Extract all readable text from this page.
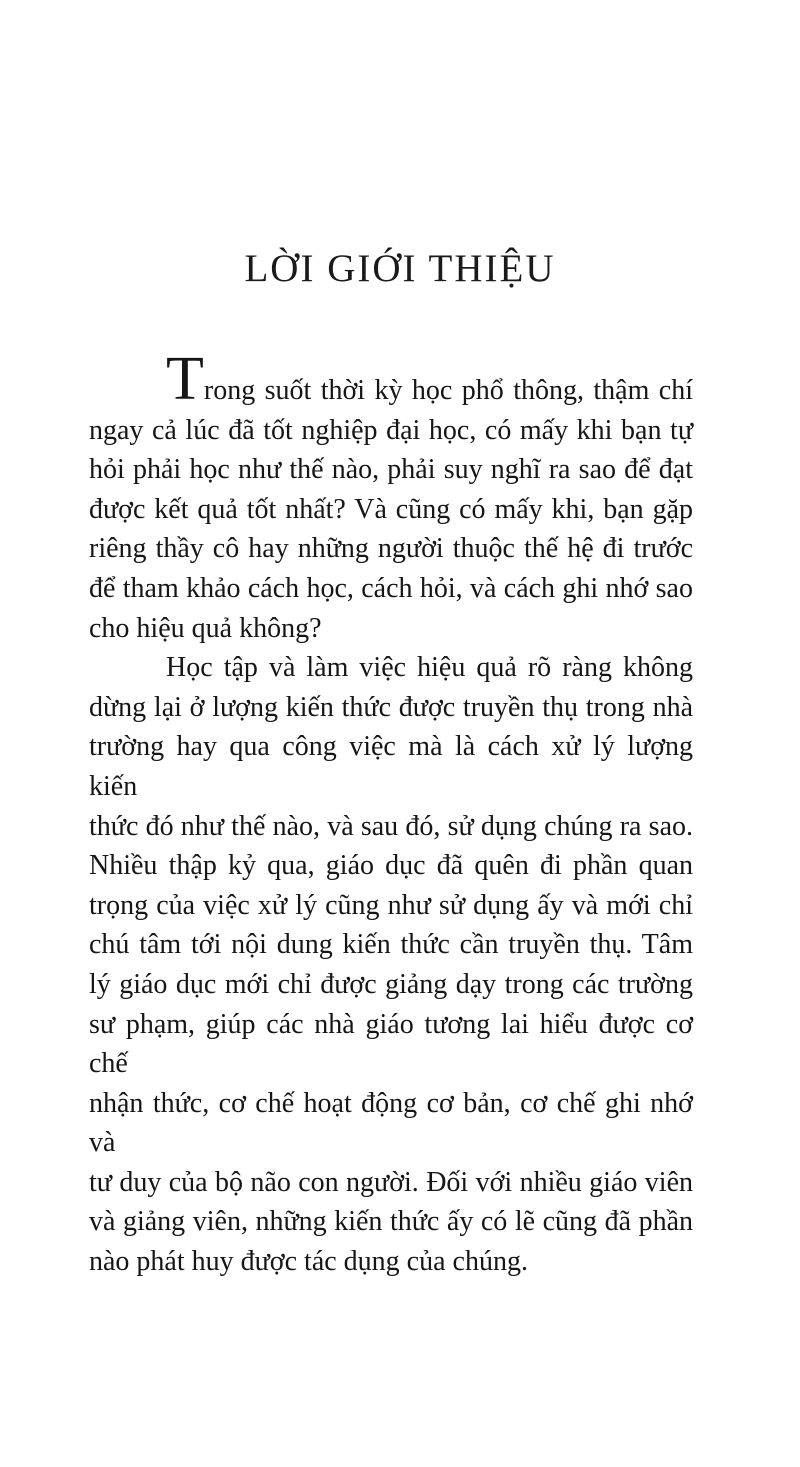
LỜI GIỚI THIỆU
Trong suốt thời kỳ học phổ thông, thậm chí
ngay cả lúc đã tốt nghiệp đại học, có mấy khi bạn tự
hỏi phải học như thế nào, phải suy nghĩ ra sao để đạt
được kết quả tốt nhất? Và cũng có mấy khi, bạn gặp
riêng thầy cô hay những người thuộc thế hệ đi trước
để tham khảo cách học, cách hỏi, và cách ghi nhớ sao
cho hiệu quả không?
Học tập và làm việc hiệu quả rõ ràng không
dừng lại ở lượng kiến thức được truyền thụ trong nhà
trường hay qua công việc mà là cách xử lý lượng kiến
thức đó như thế nào, và sau đó, sử dụng chúng ra sao.
Nhiều thập kỷ qua, giáo dục đã quên đi phần quan
trọng của việc xử lý cũng như sử dụng ấy và mới chỉ
chú tâm tới nội dung kiến thức cần truyền thụ. Tâm
lý giáo dục mới chỉ được giảng dạy trong các trường
sư phạm, giúp các nhà giáo tương lai hiểu được cơ chế
nhận thức, cơ chế hoạt động cơ bản, cơ chế ghi nhớ và
tư duy của bộ não con người. Đối với nhiều giáo viên
và giảng viên, những kiến thức ấy có lẽ cũng đã phần
nào phát huy được tác dụng của chúng.
